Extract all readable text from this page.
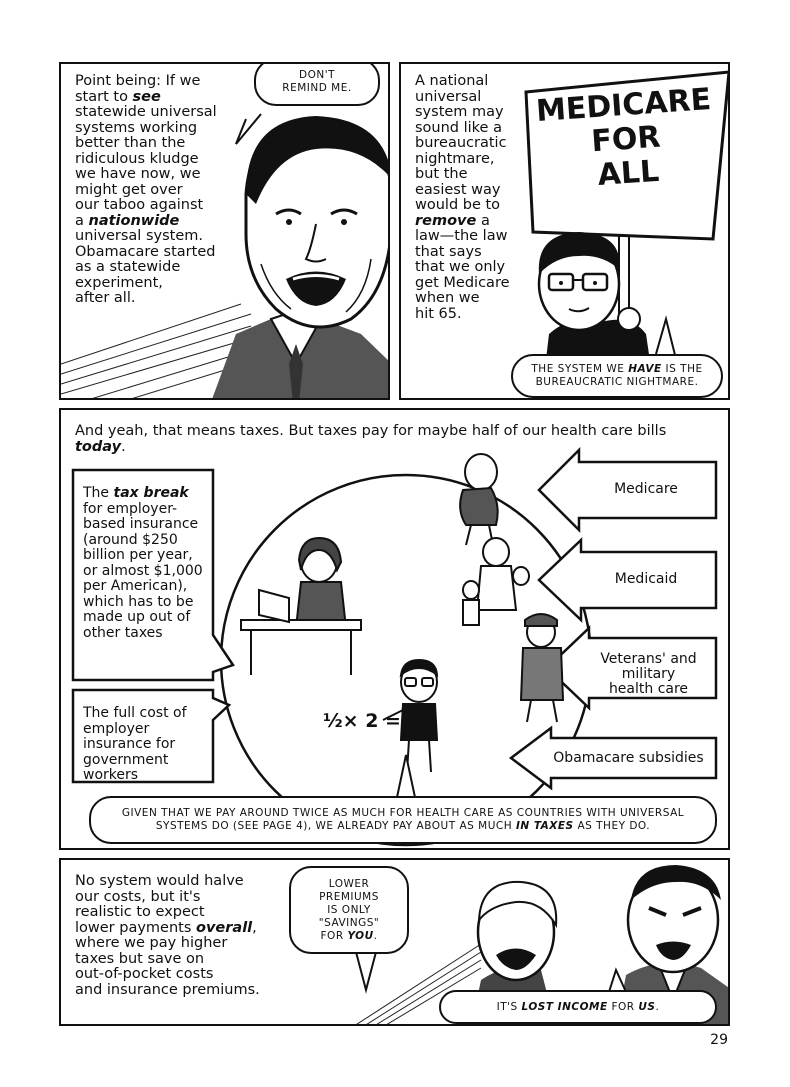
Point being: If we
start to see
statewide universal
systems working
better than the
ridiculous kludge
we have now, we
might get over
our taboo against
a nationwide
universal system.
Obamacare started
as a statewide
experiment,
after all.
DON'T
REMIND ME.	MEDICARE
FOR
ALL
A national
universal
system may
sound like a
bureaucratic
nightmare,
but the
easiest way
would be to
remove a
law—the law
that says
that we only
get Medicare
when we
hit 65.
THE SYSTEM WE HAVE IS THE
BUREAUCRATIC NIGHTMARE.
And yeah, that means taxes. But taxes pay for maybe half of our health care bills
today.
The tax break
for employer-
based insurance
(around $250
billion per year,
or almost $1,000
per American),
which has to be
made up out of
other taxes
The full cost of
employer
insurance for
government
workers
Medicare
Medicaid
Veterans' and
military
health care
Obamacare subsidies
½× 2 = 1
GIVEN THAT WE PAY AROUND TWICE AS MUCH FOR HEALTH CARE AS COUNTRIES WITH UNIVERSAL
SYSTEMS DO (SEE PAGE 4), WE ALREADY PAY ABOUT AS MUCH IN TAXES AS THEY DO.
No system would halve
our costs, but it's
realistic to expect
lower payments overall,
where we pay higher
taxes but save on
out-of-pocket costs
and insurance premiums.
LOWER
PREMIUMS
IS ONLY
"SAVINGS"
FOR YOU.
IT'S LOST INCOME FOR US.
29
